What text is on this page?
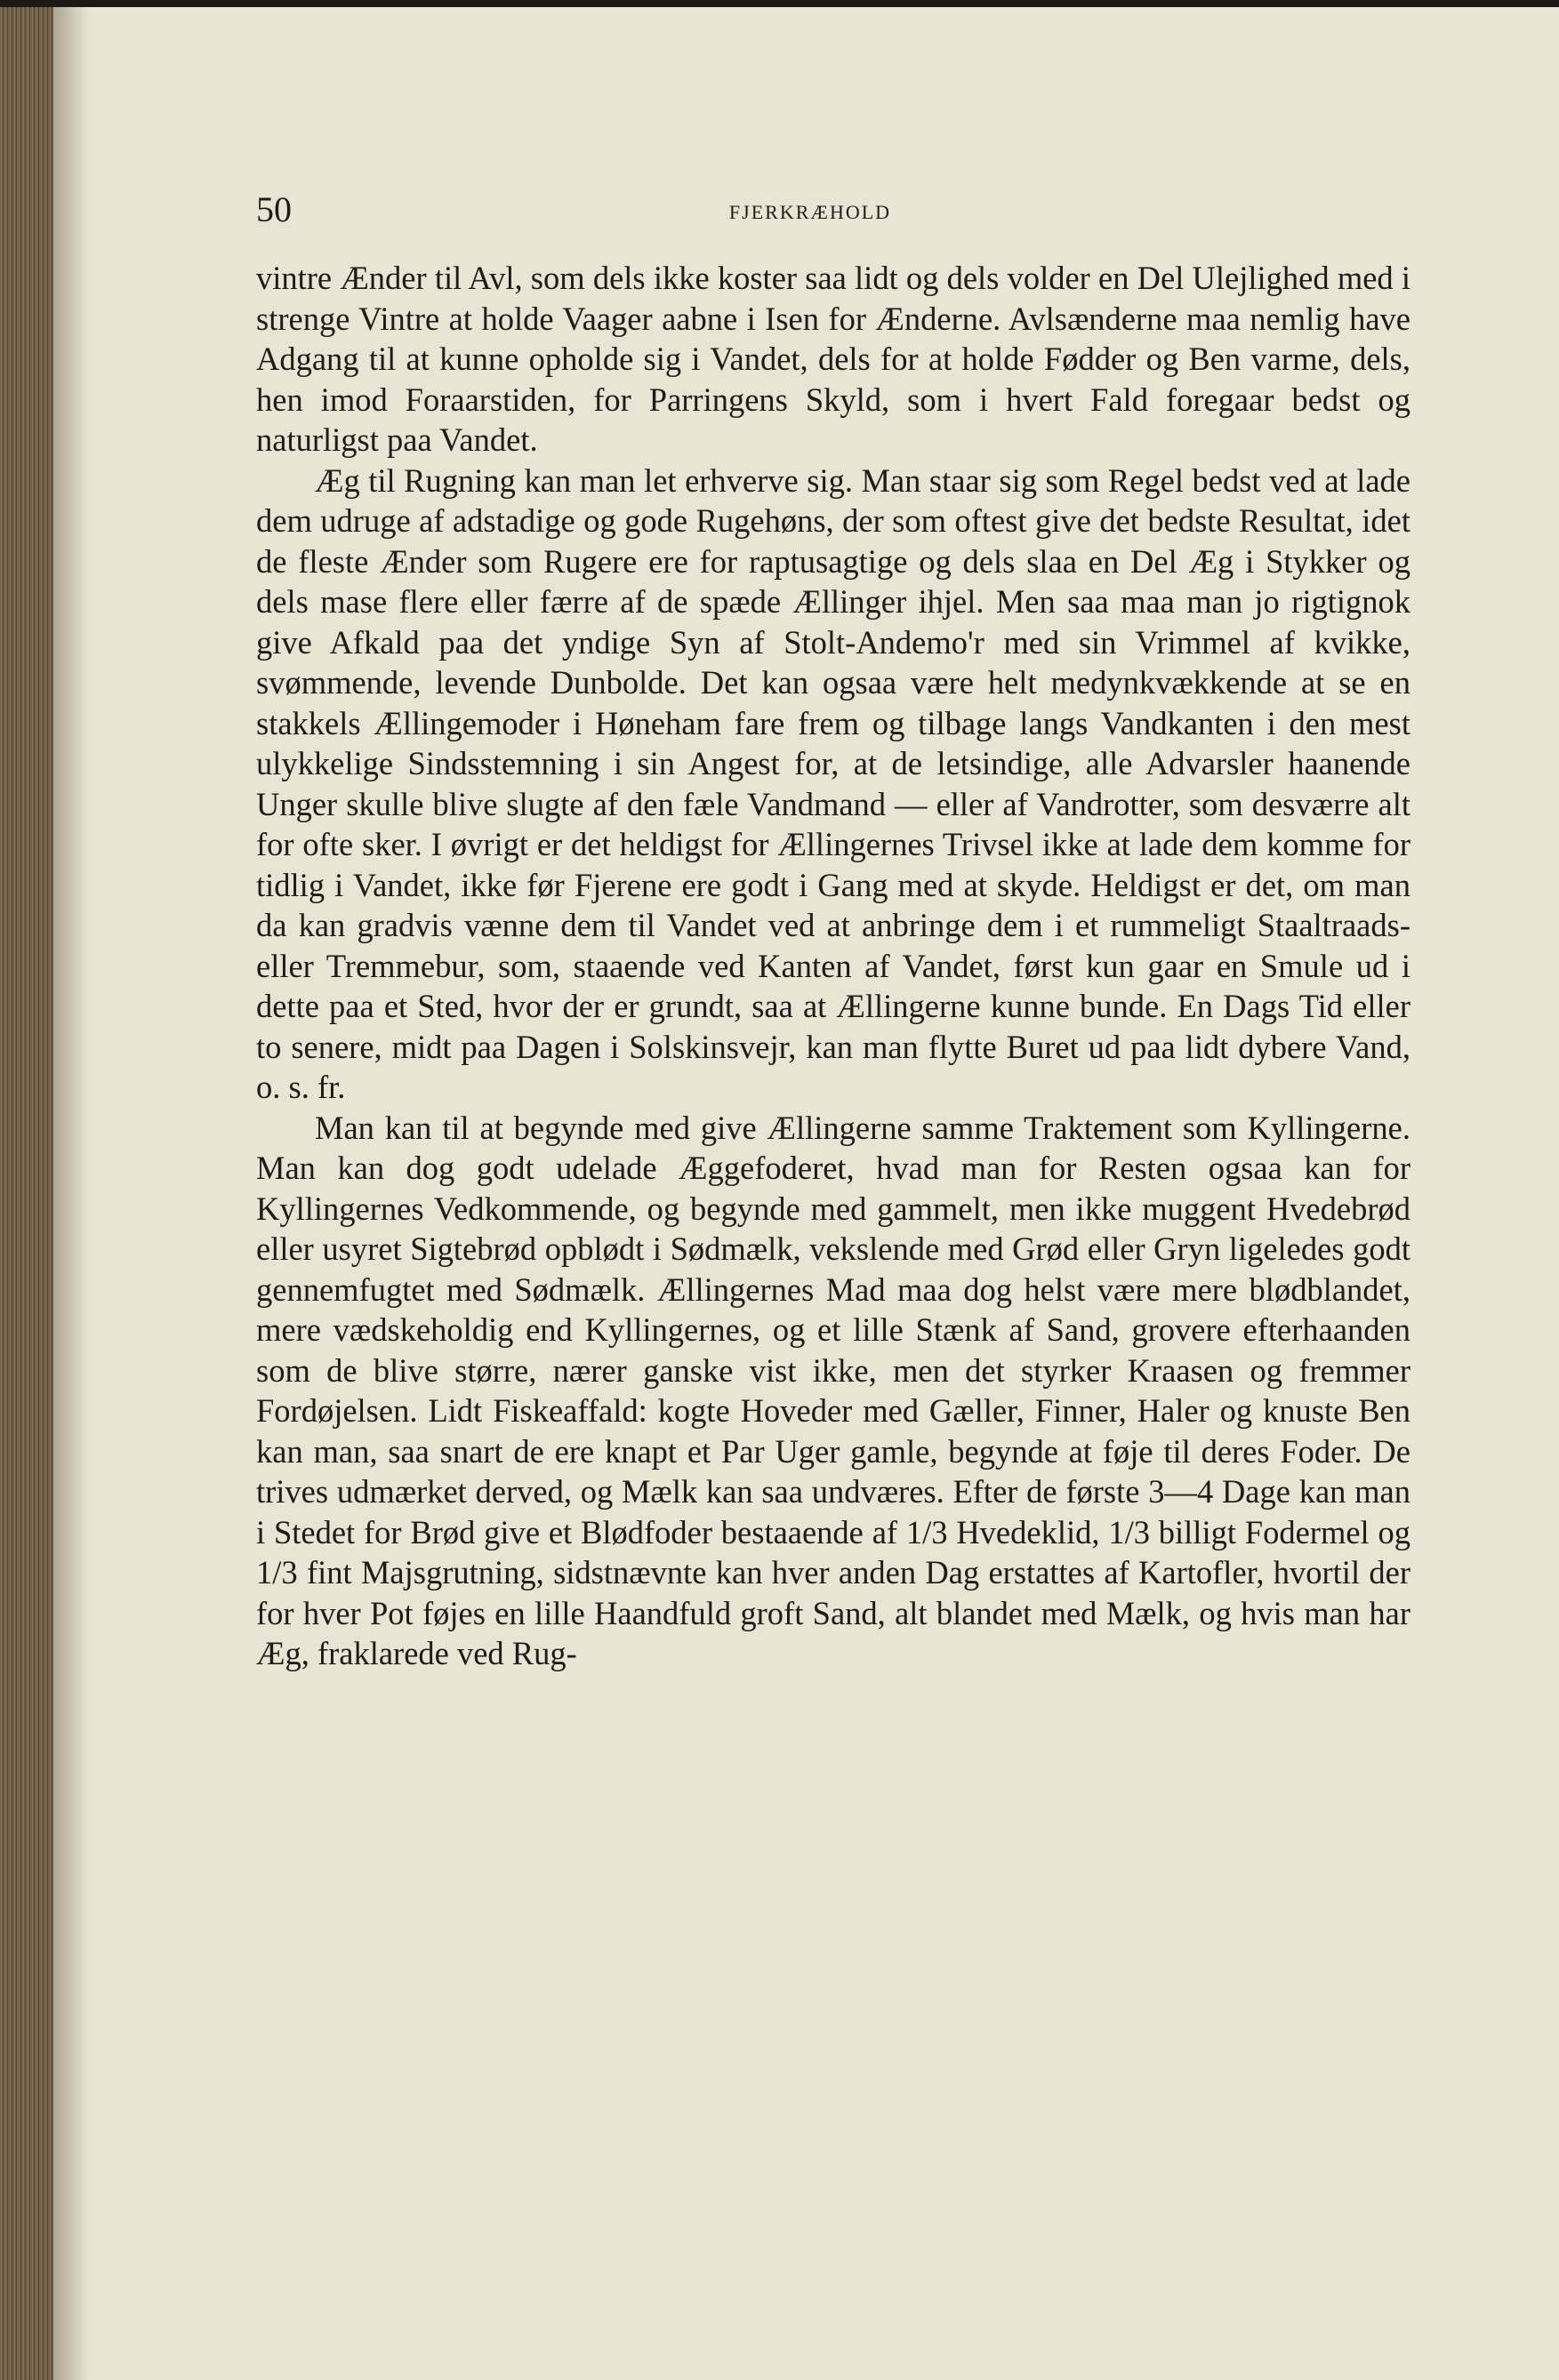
50	FJERKRÆHOLD

vintre Ænder til Avl, som dels ikke koster saa lidt og dels volder en Del Ulejlighed med i strenge Vintre at holde Vaager aabne i Isen for Ænderne. Avlsænderne maa nemlig have Adgang til at kunne opholde sig i Vandet, dels for at holde Fødder og Ben varme, dels, hen imod Foraarstiden, for Parringens Skyld, som i hvert Fald foregaar bedst og naturligst paa Vandet.

Æg til Rugning kan man let erhverve sig. Man staar sig som Regel bedst ved at lade dem udruge af adstadige og gode Rugehøns, der som oftest give det bedste Resultat, idet de fleste Ænder som Rugere ere for raptusagtige og dels slaa en Del Æg i Stykker og dels mase flere eller færre af de spæde Ællinger ihjel. Men saa maa man jo rigtignok give Afkald paa det yndige Syn af Stolt-Andemo'r med sin Vrimmel af kvikke, svømmende, levende Dunbolde. Det kan ogsaa være helt medynkvækkende at se en stakkels Ællingemoder i Høneham fare frem og tilbage langs Vandkanten i den mest ulykkelige Sindsstemning i sin Angest for, at de letsindige, alle Advarsler haanende Unger skulle blive slugte af den fæle Vandmand — eller af Vandrotter, som desværre alt for ofte sker. I øvrigt er det heldigst for Ællingernes Trivsel ikke at lade dem komme for tidlig i Vandet, ikke før Fjerene ere godt i Gang med at skyde. Heldigst er det, om man da kan gradvis vænne dem til Vandet ved at anbringe dem i et rummeligt Staaltraads- eller Tremmebur, som, staaende ved Kanten af Vandet, først kun gaar en Smule ud i dette paa et Sted, hvor der er grundt, saa at Ællingerne kunne bunde. En Dags Tid eller to senere, midt paa Dagen i Solskinsvejr, kan man flytte Buret ud paa lidt dybere Vand, o. s. fr.

Man kan til at begynde med give Ællingerne samme Traktement som Kyllingerne. Man kan dog godt udelade Æggefoderet, hvad man for Resten ogsaa kan for Kyllingernes Vedkommende, og begynde med gammelt, men ikke muggent Hvedebrød eller usyret Sigtebrød opblødt i Sødmælk, vekslende med Grød eller Gryn ligeledes godt gennemfugtet med Sødmælk. Ællingernes Mad maa dog helst være mere blødblandet, mere vædskeholdig end Kyllingernes, og et lille Stænk af Sand, grovere efterhaanden som de blive større, nærer ganske vist ikke, men det styrker Kraasen og fremmer Fordøjelsen. Lidt Fiskeaffald: kogte Hoveder med Gæller, Finner, Haler og knuste Ben kan man, saa snart de ere knapt et Par Uger gamle, begynde at føje til deres Foder. De trives udmærket derved, og Mælk kan saa undværes. Efter de første 3—4 Dage kan man i Stedet for Brød give et Blødfoder bestaaende af 1/3 Hvedeklid, 1/3 billigt Fodermel og 1/3 fint Majsgrutning, sidstnævnte kan hver anden Dag erstattes af Kartofler, hvortil der for hver Pot føjes en lille Haandfuld groft Sand, alt blandet med Mælk, og hvis man har Æg, fraklarede ved Rug-
